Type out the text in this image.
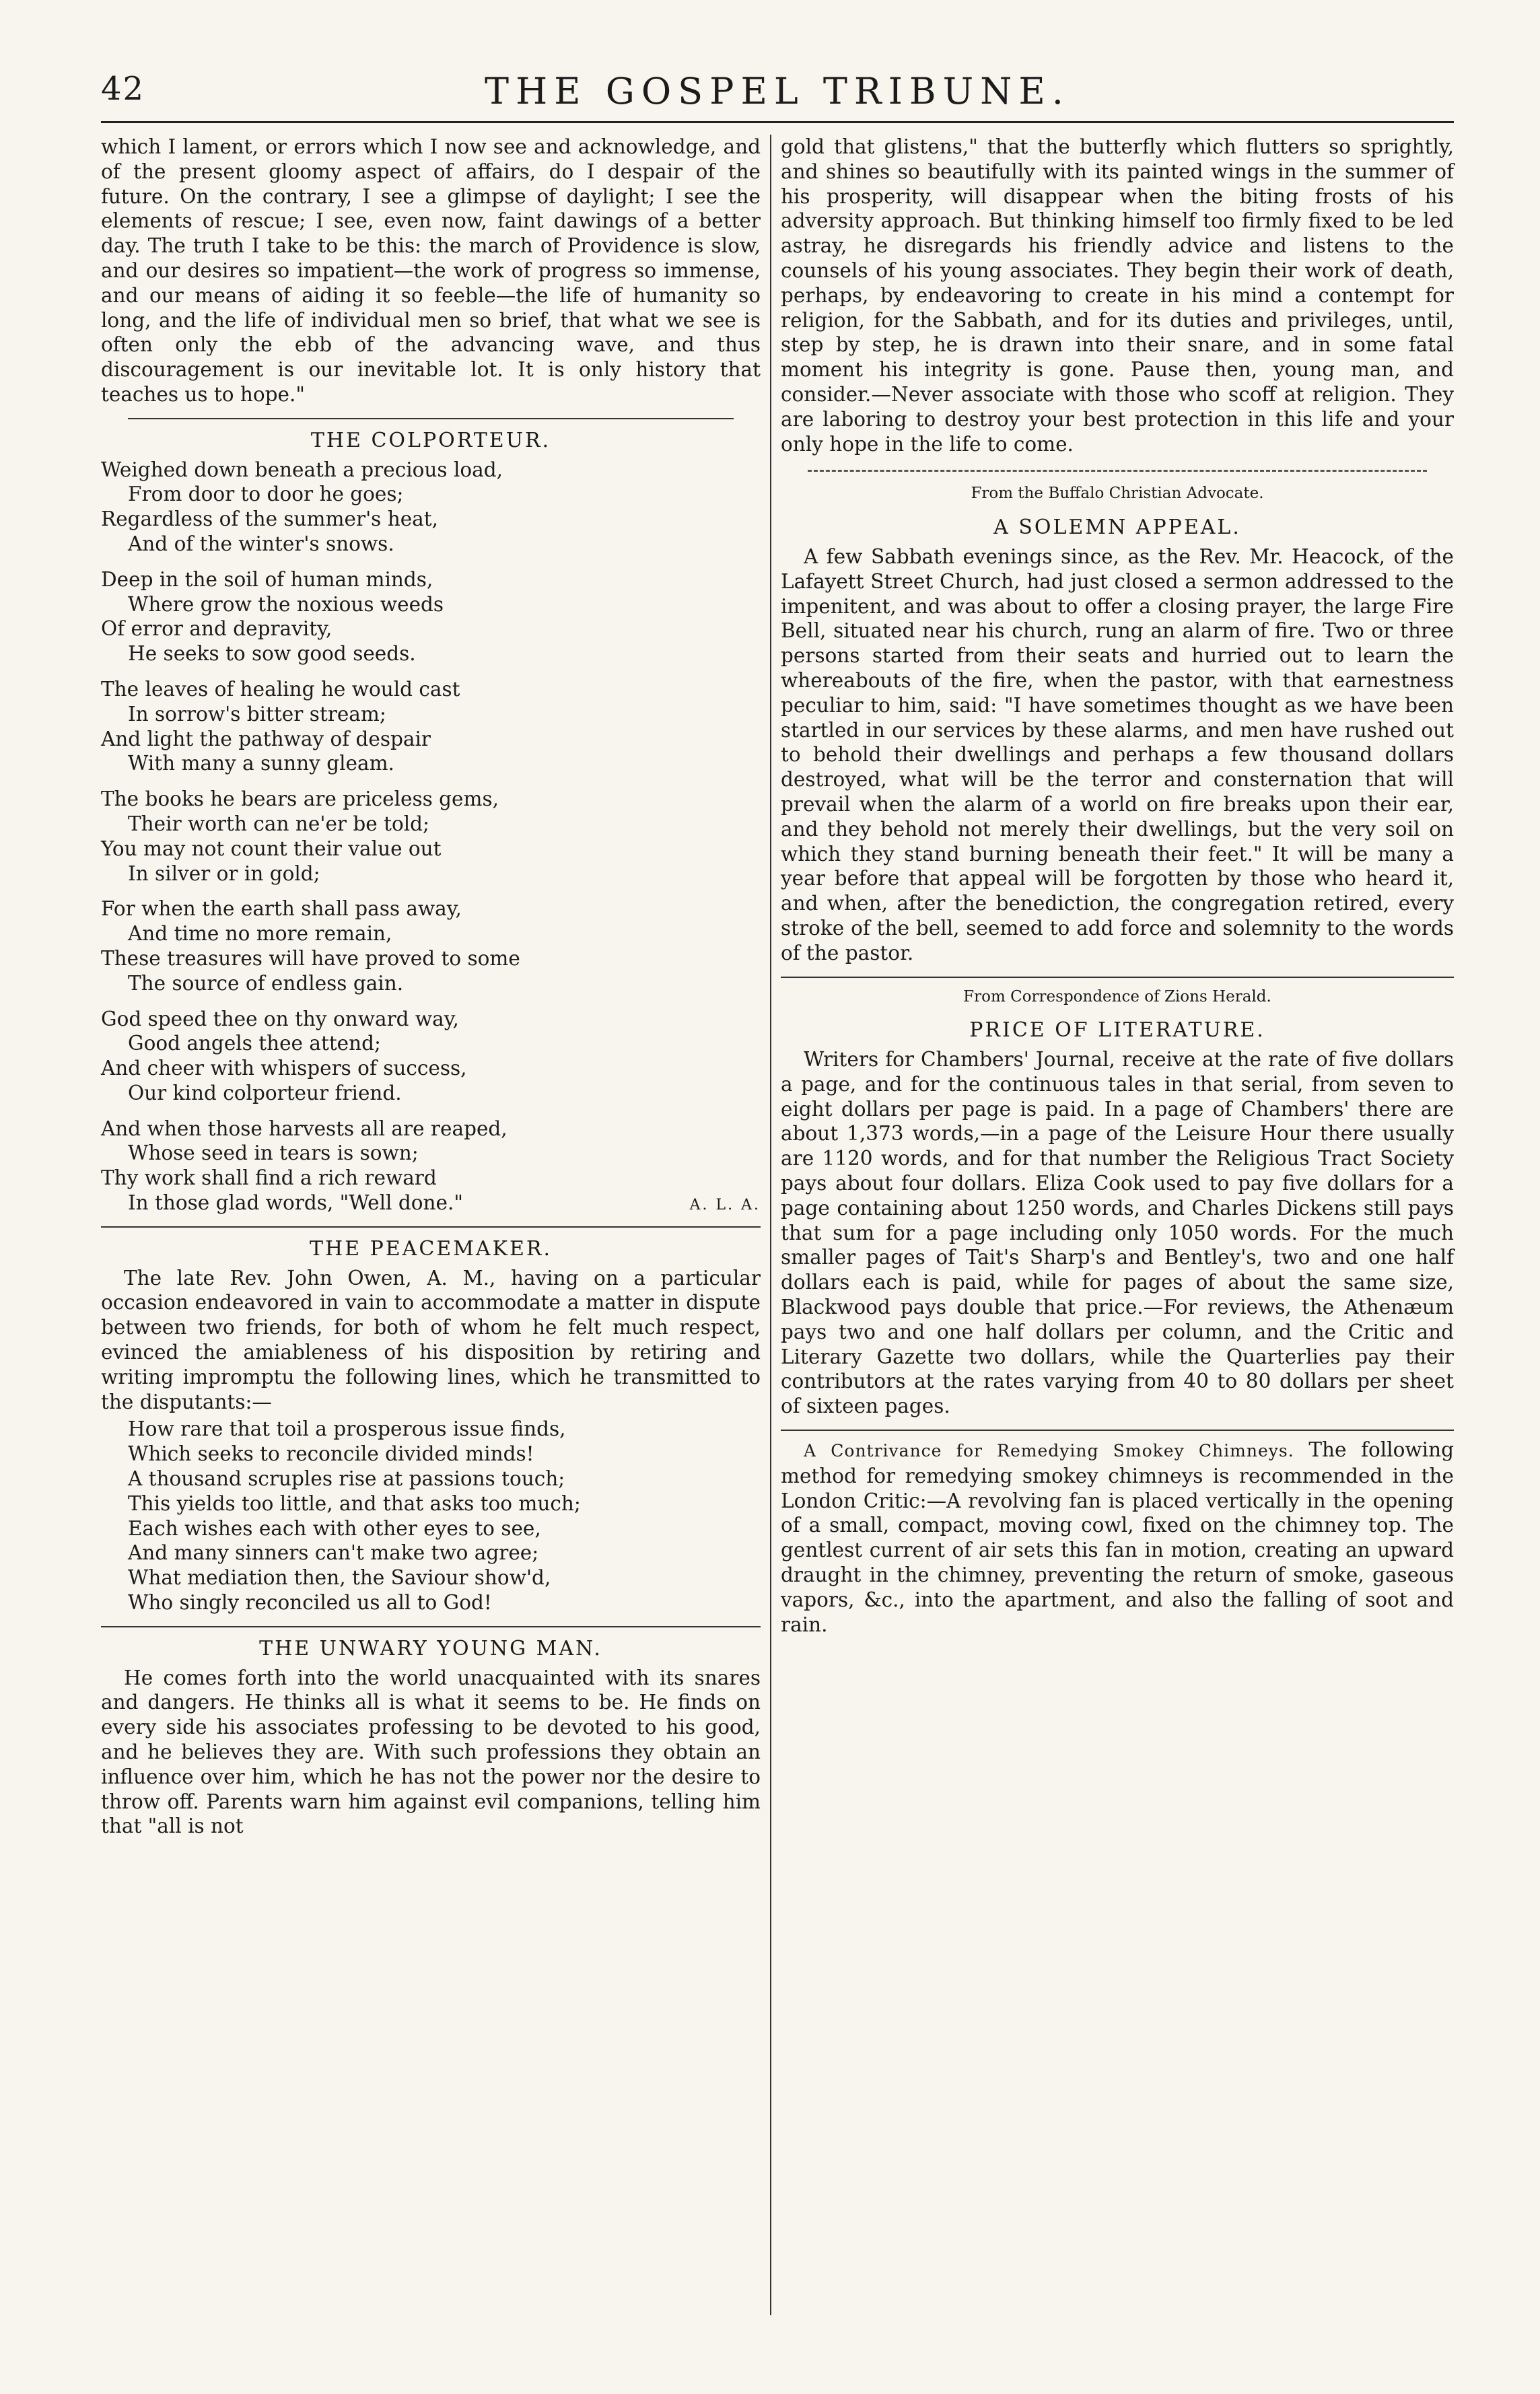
42	THE GOSPEL TRIBUNE.

which I lament, or errors which I now see and acknowledge, and of the present gloomy aspect of affairs, do I despair of the future. On the contrary, I see a glimpse of daylight; I see the elements of rescue; I see, even now, faint dawings of a better day. The truth I take to be this: the march of Providence is slow, and our desires so impatient—the work of progress so immense, and our means of aiding it so feeble—the life of humanity so long, and the life of individual men so brief, that what we see is often only the ebb of the advancing wave, and thus discouragement is our inevitable lot. It is only history that teaches us to hope."

THE COLPORTEUR.
Weighed down beneath a precious load,
From door to door he goes;
Regardless of the summer's heat,
And of the winter's snows.
Deep in the soil of human minds,
Where grow the noxious weeds
Of error and depravity,
He seeks to sow good seeds.
The leaves of healing he would cast
In sorrow's bitter stream;
And light the pathway of despair
With many a sunny gleam.
The books he bears are priceless gems,
Their worth can ne'er be told;
You may not count their value out
In silver or in gold;
For when the earth shall pass away,
And time no more remain,
These treasures will have proved to some
The source of endless gain.
God speed thee on thy onward way,
Good angels thee attend;
And cheer with whispers of success,
Our kind colporteur friend.
And when those harvests all are reaped,
Whose seed in tears is sown;
Thy work shall find a rich reward
In those glad words, "Well done."	A. L. A.
THE PEACEMAKER.

The late Rev. John Owen, A. M., having on a particular occasion endeavored in vain to accommodate a matter in dispute between two friends, for both of whom he felt much respect, evinced the amiableness of his disposition by retiring and writing impromptu the following lines, which he transmitted to the disputants:—

How rare that toil a prosperous issue finds,
Which seeks to reconcile divided minds!
A thousand scruples rise at passions touch;
This yields too little, and that asks too much;
Each wishes each with other eyes to see,
And many sinners can't make two agree;
What mediation then, the Saviour show'd,
Who singly reconciled us all to God!
THE UNWARY YOUNG MAN.

He comes forth into the world unacquainted with its snares and dangers. He thinks all is what it seems to be. He finds on every side his associates professing to be devoted to his good, and he believes they are. With such professions they obtain an influence over him, which he has not the power nor the desire to throw off. Parents warn him against evil companions, telling him that "all is not

gold that glistens," that the butterfly which flutters so sprightly, and shines so beautifully with its painted wings in the summer of his prosperity, will disappear when the biting frosts of his adversity approach. But thinking himself too firmly fixed to be led astray, he disregards his friendly advice and listens to the counsels of his young associates. They begin their work of death, perhaps, by endeavoring to create in his mind a contempt for religion, for the Sabbath, and for its duties and privileges, until, step by step, he is drawn into their snare, and in some fatal moment his integrity is gone. Pause then, young man, and consider.—Never associate with those who scoff at religion. They are laboring to destroy your best protection in this life and your only hope in the life to come.

From the Buffalo Christian Advocate.
A SOLEMN APPEAL.

A few Sabbath evenings since, as the Rev. Mr. Heacock, of the Lafayett Street Church, had just closed a sermon addressed to the impenitent, and was about to offer a closing prayer, the large Fire Bell, situated near his church, rung an alarm of fire. Two or three persons started from their seats and hurried out to learn the whereabouts of the fire, when the pastor, with that earnestness peculiar to him, said: "I have sometimes thought as we have been startled in our services by these alarms, and men have rushed out to behold their dwellings and perhaps a few thousand dollars destroyed, what will be the terror and consternation that will prevail when the alarm of a world on fire breaks upon their ear, and they behold not merely their dwellings, but the very soil on which they stand burning beneath their feet." It will be many a year before that appeal will be forgotten by those who heard it, and when, after the benediction, the congregation retired, every stroke of the bell, seemed to add force and solemnity to the words of the pastor.

From Correspondence of Zions Herald.
PRICE OF LITERATURE.

Writers for Chambers' Journal, receive at the rate of five dollars a page, and for the continuous tales in that serial, from seven to eight dollars per page is paid. In a page of Chambers' there are about 1,373 words,—in a page of the Leisure Hour there usually are 1120 words, and for that number the Religious Tract Society pays about four dollars. Eliza Cook used to pay five dollars for a page containing about 1250 words, and Charles Dickens still pays that sum for a page including only 1050 words. For the much smaller pages of Tait's Sharp's and Bentley's, two and one half dollars each is paid, while for pages of about the same size, Blackwood pays double that price.—For reviews, the Athenæum pays two and one half dollars per column, and the Critic and Literary Gazette two dollars, while the Quarterlies pay their contributors at the rates varying from 40 to 80 dollars per sheet of sixteen pages.

A Contrivance for Remedying Smokey Chimneys. The following method for remedying smokey chimneys is recommended in the London Critic:—A revolving fan is placed vertically in the opening of a small, compact, moving cowl, fixed on the chimney top. The gentlest current of air sets this fan in motion, creating an upward draught in the chimney, preventing the return of smoke, gaseous vapors, &c., into the apartment, and also the falling of soot and rain.
